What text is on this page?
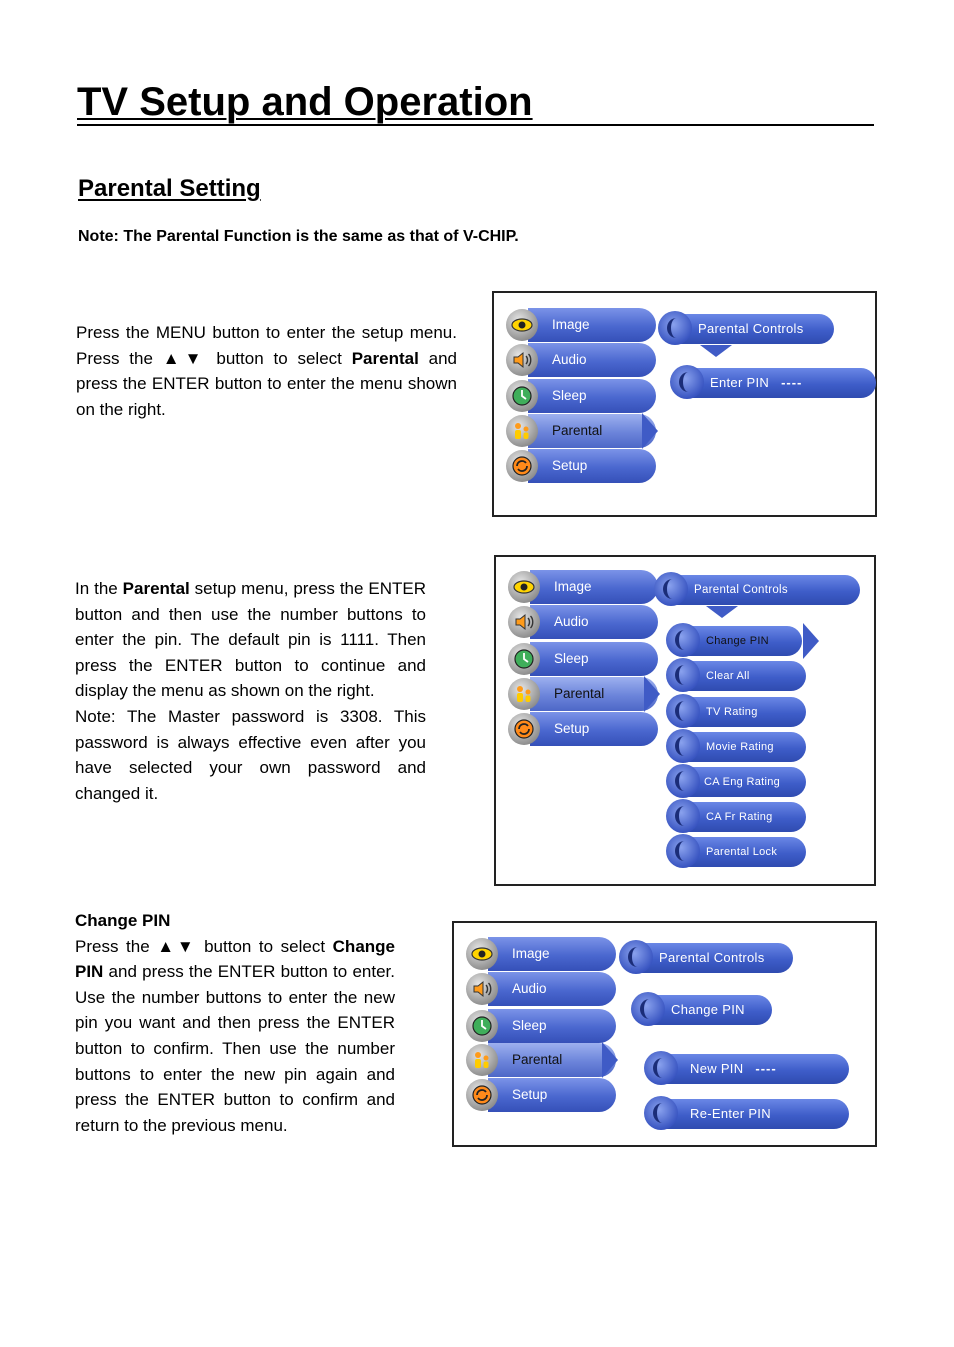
TV Setup and Operation
Parental Setting
Note: The Parental Function is the same as that of V-CHIP.

Press the MENU button to enter the setup menu. Press the ▲▼ button to select Parental and press the ENTER button to enter the menu shown on the right.

Image
Audio
Sleep
Parental
Setup
Parental Controls
Enter PIN ----

In the Parental setup menu, press the ENTER button and then use the number buttons to enter the pin. The default pin is 1111. Then press the ENTER button to continue and display the menu as shown on the right.

Note: The Master password is 3308. This password is always effective even after you have selected your own password and changed it.

Image
Audio
Sleep
Parental
Setup
Parental Controls
Change PIN
Clear All
TV Rating
Movie Rating
CA Eng Rating
CA Fr Rating
Parental Lock

Change PIN

Press the ▲▼ button to select Change PIN and press the ENTER button to enter. Use the number buttons to enter the new pin you want and then press the ENTER button to confirm. Then use the number buttons to enter the new pin again and press the ENTER button to confirm and return to the previous menu.

Image
Audio
Sleep
Parental
Setup
Parental Controls
Change PIN
New PIN ----
Re-Enter PIN
